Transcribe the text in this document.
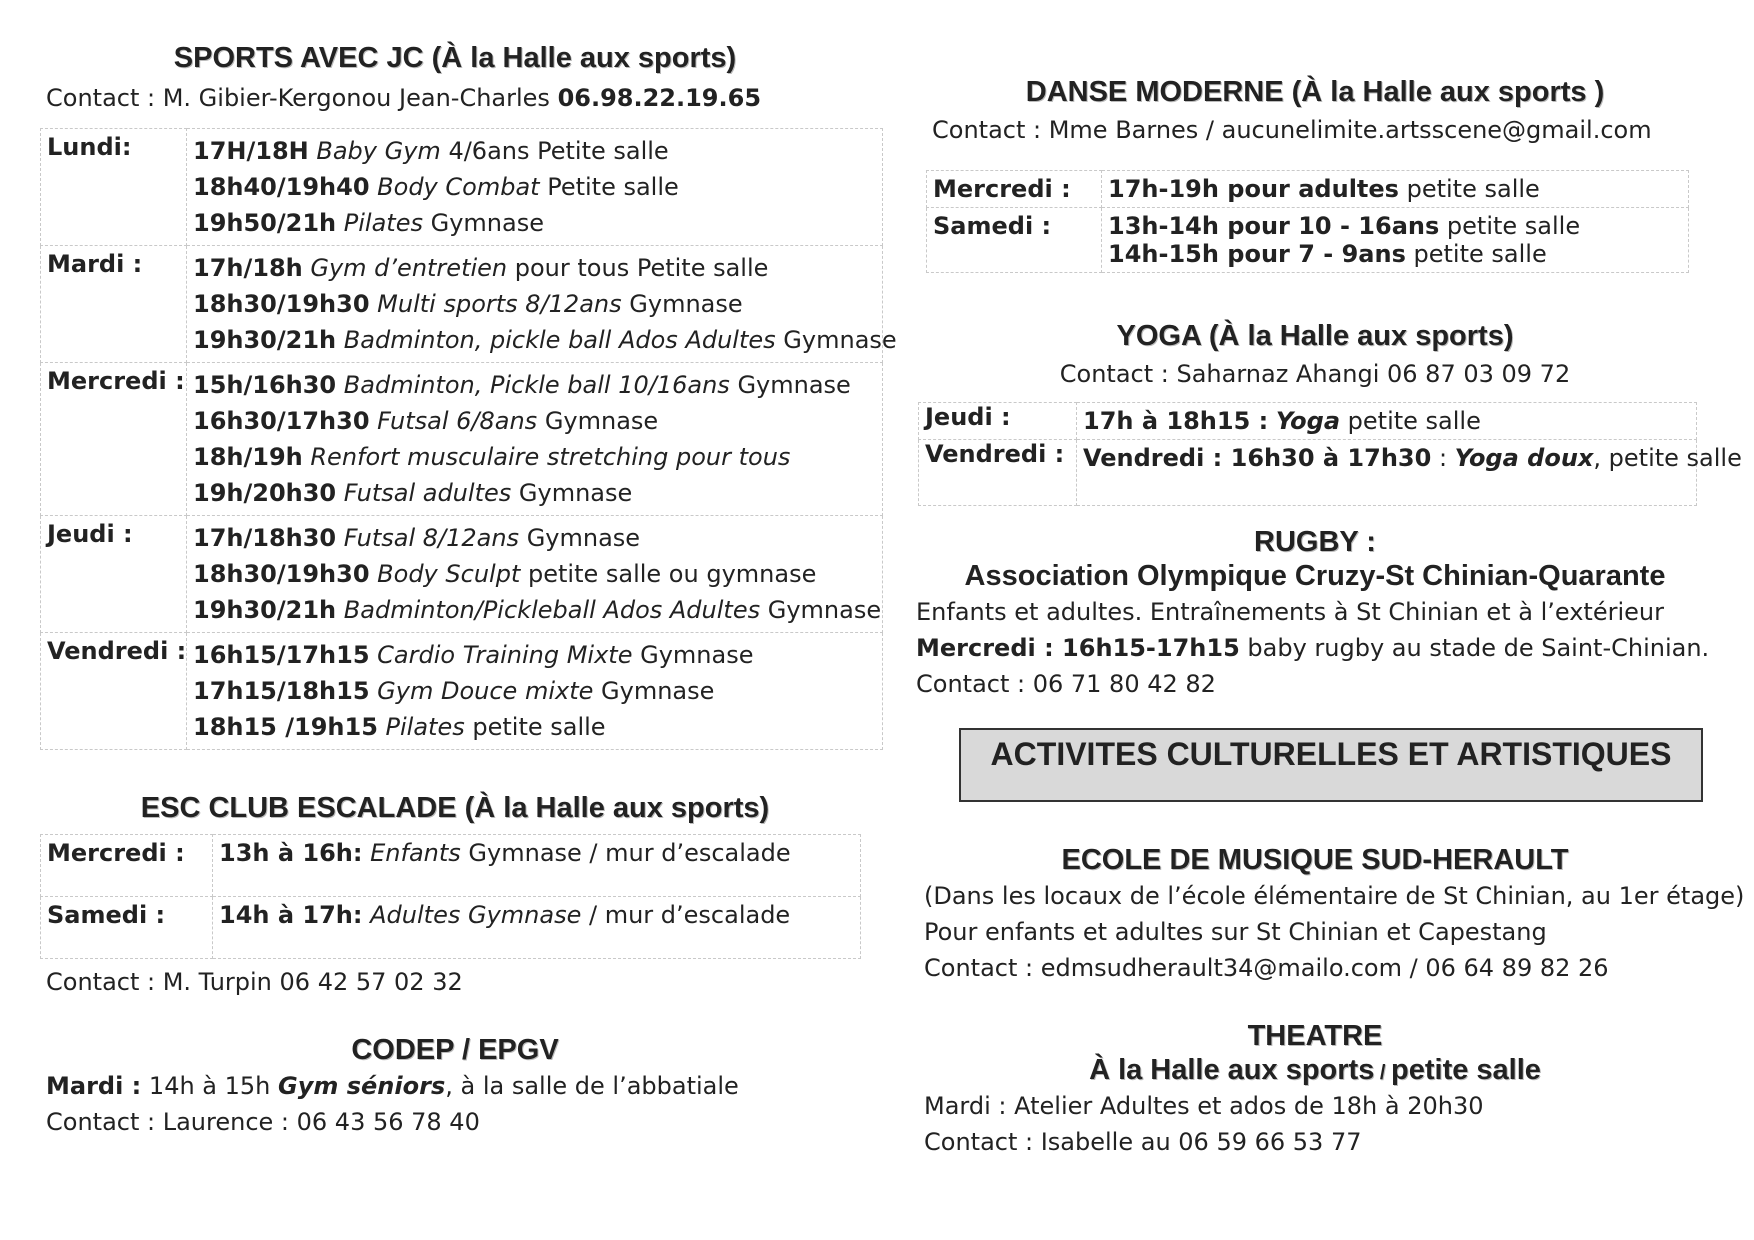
SPORTS AVEC JC (À la Halle aux sports)
Contact : M. Gibier-Kergonou Jean-Charles 06.98.22.19.65
Lundi:	17H/18H Baby Gym 4/6ans Petite salle
18h40/19h40 Body Combat Petite salle
19h50/21h Pilates Gymnase

Mardi :	17h/18h Gym d’entretien pour tous Petite salle
18h30/19h30 Multi sports 8/12ans Gymnase
19h30/21h Badminton, pickle ball Ados Adultes Gymnase

Mercredi :	15h/16h30 Badminton, Pickle ball 10/16ans Gymnase
16h30/17h30 Futsal 6/8ans Gymnase
18h/19h Renfort musculaire stretching pour tous
19h/20h30 Futsal adultes Gymnase

Jeudi :	17h/18h30 Futsal 8/12ans Gymnase
18h30/19h30 Body Sculpt petite salle ou gymnase
19h30/21h Badminton/Pickleball Ados Adultes Gymnase

Vendredi :	16h15/17h15 Cardio Training Mixte Gymnase
17h15/18h15 Gym Douce mixte Gymnase
18h15 /19h15 Pilates petite salle
ESC CLUB ESCALADE (À la Halle aux sports)
Mercredi :	13h à 16h: Enfants Gymnase / mur d’escalade
Samedi :	14h à 17h: Adultes Gymnase / mur d’escalade
Contact : M. Turpin 06 42 57 02 32
CODEP / EPGV
Mardi : 14h à 15h Gym séniors, à la salle de l’abbatiale
Contact : Laurence : 06 43 56 78 40
DANSE MODERNE (À la Halle aux sports )
Contact : Mme Barnes / aucunelimite.artsscene@gmail.com
Mercredi :	17h-19h pour adultes petite salle

Samedi :	13h-14h pour 10 - 16ans petite salle
14h-15h pour 7 - 9ans petite salle
YOGA (À la Halle aux sports)
Contact : Saharnaz Ahangi 06 87 03 09 72
Jeudi :	17h à 18h15 : Yoga petite salle

Vendredi :	Vendredi : 16h30 à 17h30 : Yoga doux, petite salle
RUGBY :
Association Olympique Cruzy-St Chinian-Quarante
Enfants et adultes. Entraînements à St Chinian et à l’extérieur
Mercredi : 16h15-17h15 baby rugby au stade de Saint-Chinian.
Contact : 06 71 80 42 82
ACTIVITES CULTURELLES ET ARTISTIQUES
ECOLE DE MUSIQUE SUD-HERAULT
(Dans les locaux de l’école élémentaire de St Chinian, au 1er étage)
Pour enfants et adultes sur St Chinian et Capestang
Contact : edmsudherault34@mailo.com / 06 64 89 82 26
THEATRE
À la Halle aux sports / petite salle
Mardi : Atelier Adultes et ados de 18h à 20h30
Contact : Isabelle au 06 59 66 53 77
